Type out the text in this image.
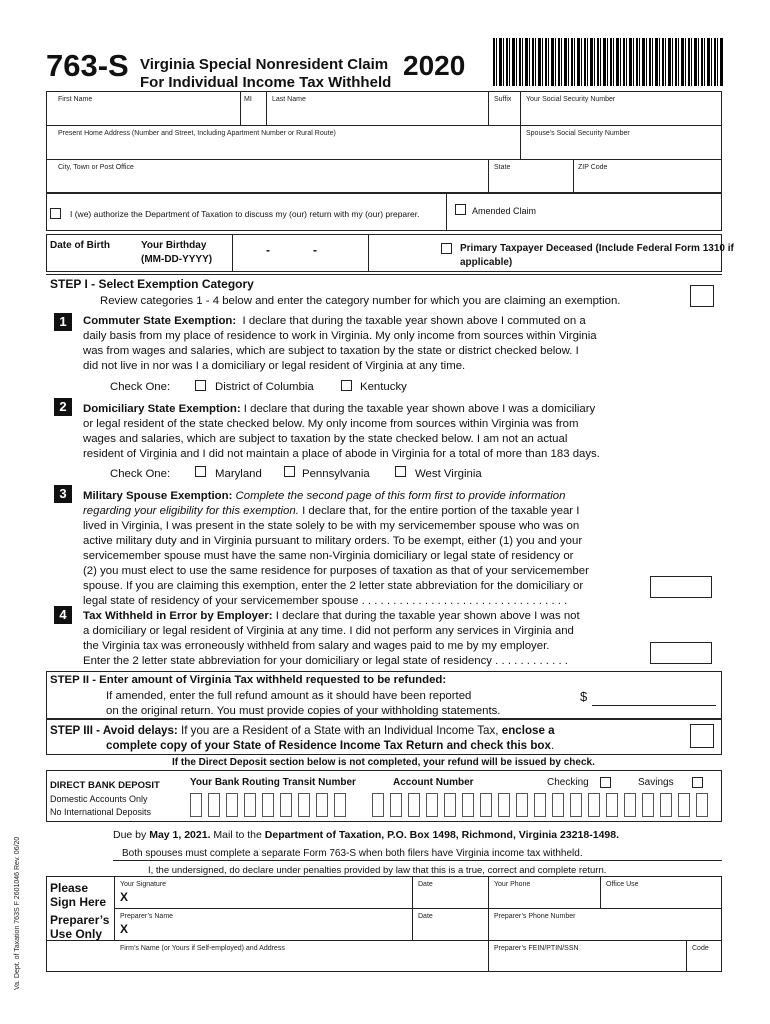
763-S Virginia Special Nonresident Claim
For Individual Income Tax Withheld
2020
First Name	MI	Last Name	Suffix Your Social Security Number
Present Home Address (Number and Street, Including Apartment Number or Rural Route)	Spouse’s Social Security Number
City, Town or Post Office	State	ZIP Code
I (we) authorize the Department of Taxation to discuss my (our) return with my (our) preparer.	Amended Claim
Date of Birth	Your Birthday
(MM-DD-YYYY)
-	-	Primary Taxpayer Deceased (Include Federal Form 1310 if
applicable)
STEP I - Select Exemption Category
Review categories 1 - 4 below and enter the category number for which you are claiming an exemption.
1	Commuter State Exemption: I declare that during the taxable year shown above I commuted on a
daily basis from my place of residence to work in Virginia. My only income from sources within Virginia
was from wages and salaries, which are subject to taxation by the state or district checked below. I
did not live in nor was I a domiciliary or legal resident of Virginia at any time.
Check One:	District of Columbia	Kentucky
2	Domiciliary State Exemption: I declare that during the taxable year shown above I was a domiciliary
or legal resident of the state checked below. My only income from sources within Virginia was from
wages and salaries, which are subject to taxation by the state checked below. I am not an actual
resident of Virginia and I did not maintain a place of abode in Virginia for a total of more than 183 days.
Check One:	Maryland	Pennsylvania	West Virginia
3	Military Spouse Exemption: Complete the second page of this form first to provide information
regarding your eligibility for this exemption. I declare that, for the entire portion of the taxable year I
lived in Virginia, I was present in the state solely to be with my servicemember spouse who was on
active military duty and in Virginia pursuant to military orders. To be exempt, either (1) you and your
servicemember spouse must have the same non-Virginia domiciliary or legal state of residency or
(2) you must elect to use the same residence for purposes of taxation as that of your servicemember
spouse. If you are claiming this exemption, enter the 2 letter state abbreviation for the domiciliary or
legal state of residency of your servicemember spouse . . . . . . . . . . . . . . . . . . . . . . . . . . . . . . . . .
4	Tax Withheld in Error by Employer: I declare that during the taxable year shown above I was not
a domiciliary or legal resident of Virginia at any time. I did not perform any services in Virginia and
the Virginia tax was erroneously withheld from salary and wages paid to me by my employer.
Enter the 2 letter state abbreviation for your domiciliary or legal state of residency . . . . . . . . . . . .
STEP II - Enter amount of Virginia Tax withheld requested to be refunded:
If amended, enter the full refund amount as it should have been reported
on the original return. You must provide copies of your withholding statements.
$
STEP III - Avoid delays: If you are a Resident of a State with an Individual Income Tax, enclose a
complete copy of your State of Residence Income Tax Return and check this box.
If the Direct Deposit section below is not completed, your refund will be issued by check.
DIRECT BANK DEPOSIT
Domestic Accounts Only
No International Deposits
Your Bank Routing Transit Number	Account Number	Checking	Savings
Due by May 1, 2021. Mail to the Department of Taxation, P.O. Box 1498, Richmond, Virginia 23218-1498.
Both spouses must complete a separate Form 763-S when both filers have Virginia income tax withheld.
I, the undersigned, do declare under penalties provided by law that this is a true, correct and complete return.
Please
Sign Here
Your Signature
X
Date	Your Phone	Office Use
Preparer’s
Use Only
Preparer’s Name
X
Date	Preparer’s Phone Number
Firm’s Name (or Yours if Self-employed) and Address	Preparer’s FEIN/PTIN/SSN	Code
Va. Dept. of Taxation 763S F 2601046 Rev. 06/20
